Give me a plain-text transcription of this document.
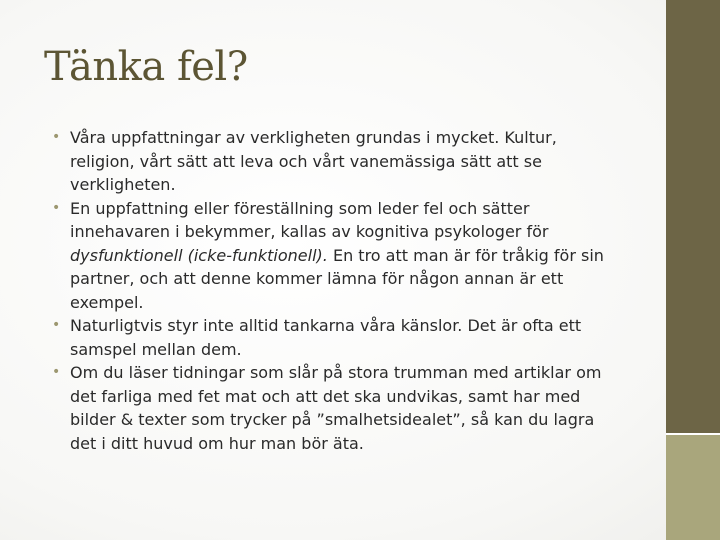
Tänka fel?
• Våra uppfattningar av verkligheten grundas i mycket. Kultur, religion, vårt sätt att leva och vårt vanemässiga sätt att se verkligheten.
• En uppfattning eller föreställning som leder fel och sätter innehavaren i bekymmer, kallas av kognitiva psykologer för dysfunktionell (icke-funktionell). En tro att man är för tråkig för sin partner, och att denne kommer lämna för någon annan är ett exempel.
• Naturligtvis styr inte alltid tankarna våra känslor. Det är ofta ett samspel mellan dem.
• Om du läser tidningar som slår på stora trumman med artiklar om det farliga med fet mat och att det ska undvikas, samt har med bilder & texter som trycker på ”smalhetsidealet”, så kan du lagra det i ditt huvud om hur man bör äta.
